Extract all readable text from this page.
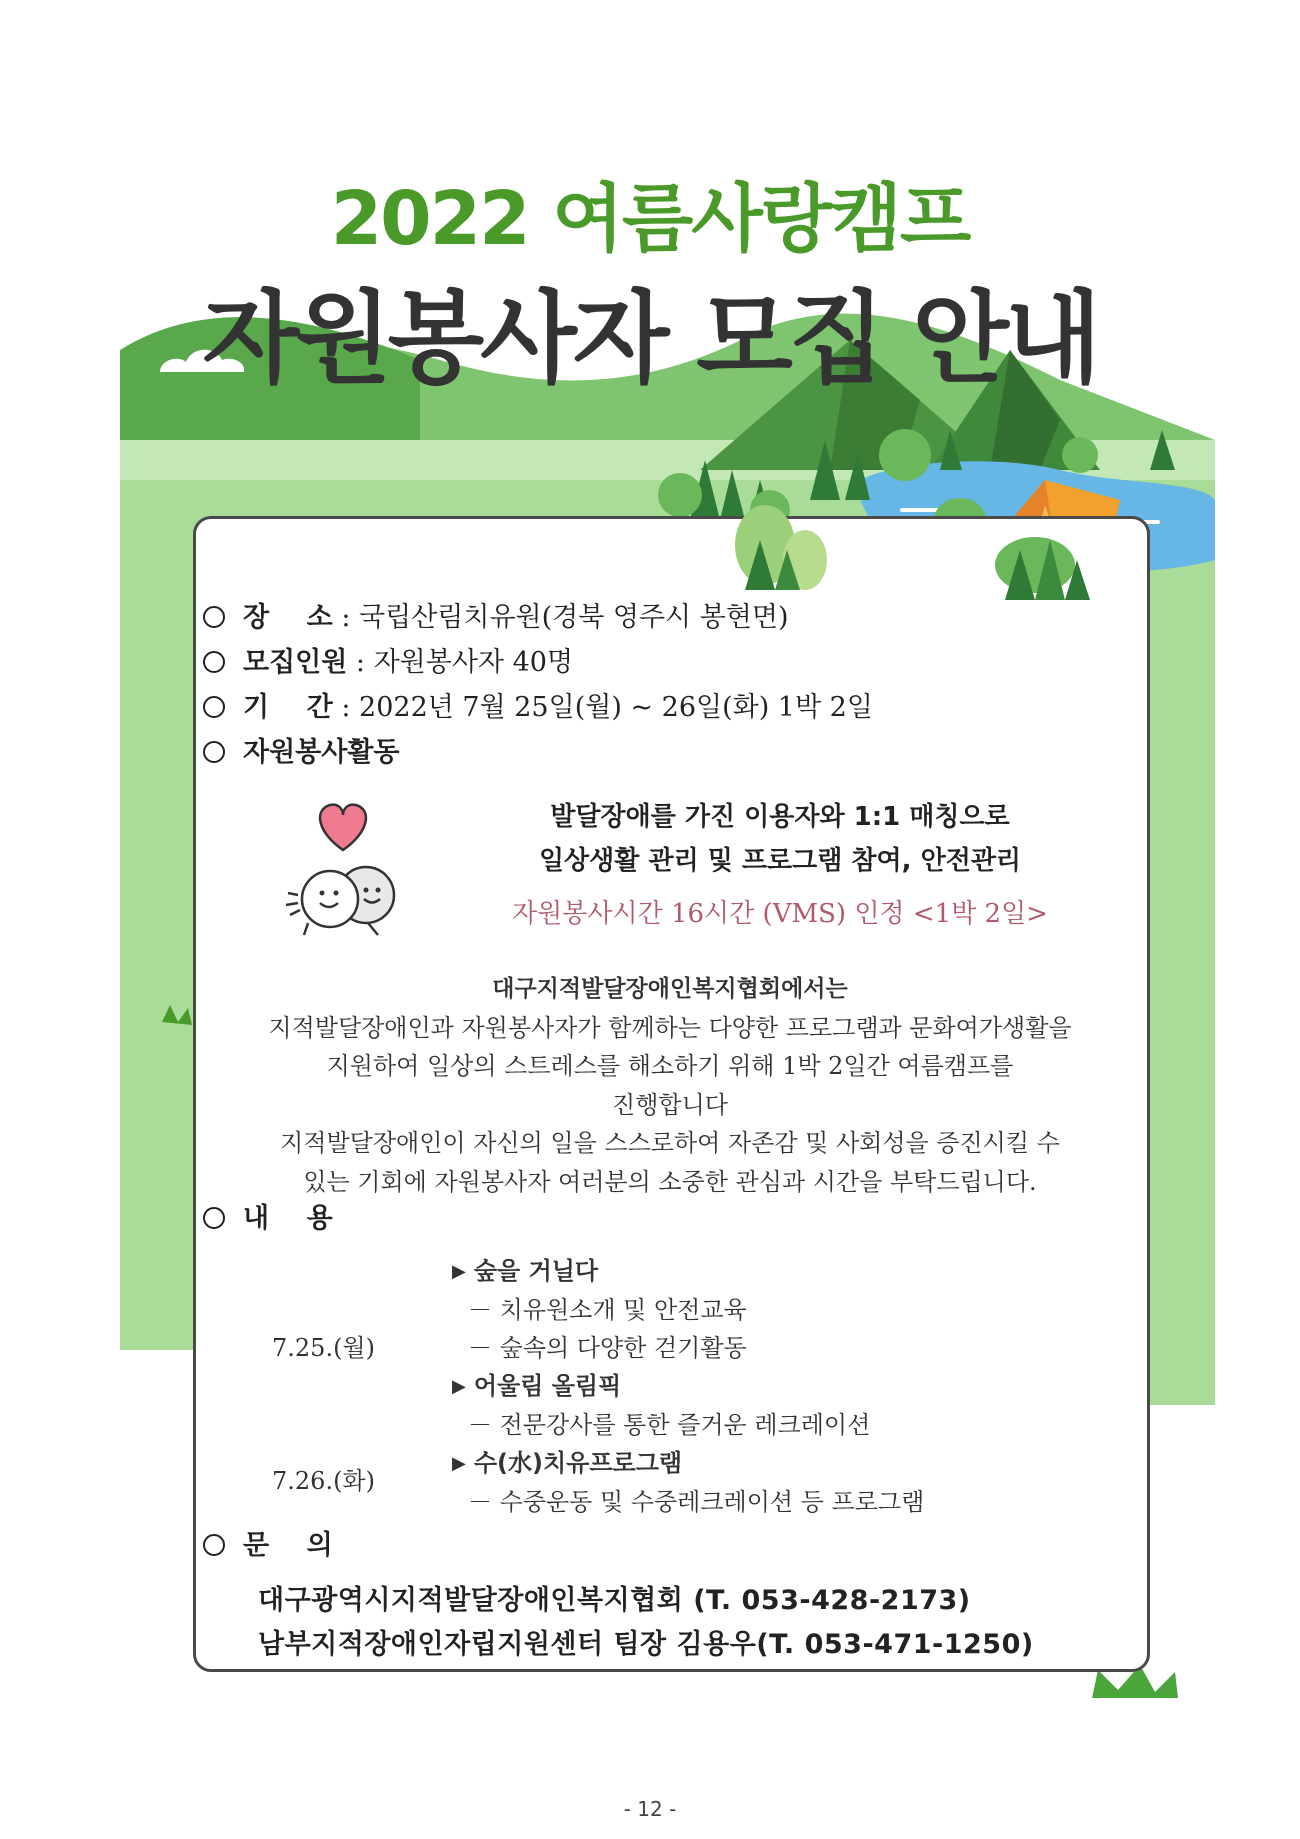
2022 여름사랑캠프
자원봉사자 모집 안내
장    소 : 국립산림치유원(경북 영주시 봉현면)
모집인원 : 자원봉사자 40명
기    간 : 2022년 7월 25일(월) ~ 26일(화) 1박 2일
자원봉사활동
발달장애를 가진 이용자와 1:1 매칭으로
일상생활 관리 및 프로그램 참여, 안전관리
자원봉사시간 16시간 (VMS) 인정 <1박 2일>
대구지적발달장애인복지협회에서는
지적발달장애인과 자원봉사자가 함께하는 다양한 프로그램과 문화여가생활을
지원하여 일상의 스트레스를 해소하기 위해 1박 2일간 여름캠프를
진행합니다
지적발달장애인이 자신의 일을 스스로하여 자존감 및 사회성을 증진시킬 수
있는 기회에 자원봉사자 여러분의 소중한 관심과 시간을 부탁드립니다.
내    용
▶ 숲을 거닐다
－ 치유원소개 및 안전교육
－ 숲속의 다양한 걷기활동
▶ 어울림 올림픽
－ 전문강사를 통한 즐거운 레크레이션
▶ 수(水)치유프로그램
－ 수중운동 및 수중레크레이션 등 프로그램
7.25.(월)
7.26.(화)
문    의
대구광역시지적발달장애인복지협회 (T. 053-428-2173)
남부지적장애인자립지원센터 팀장 김용우(T. 053-471-1250)
- 12 -
